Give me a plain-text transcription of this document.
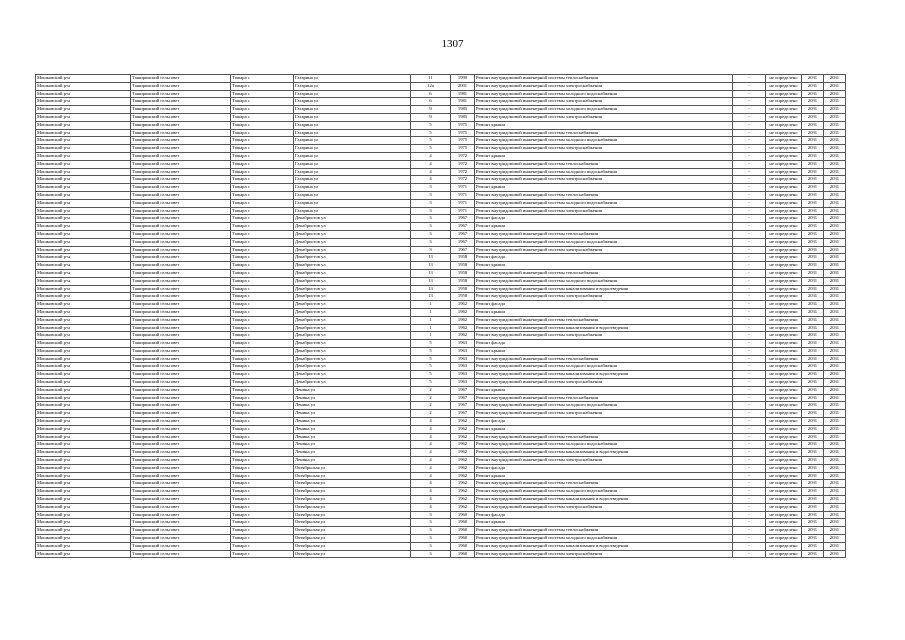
1307
Мошковский р-н	Таширинский сельсовет	Ташара с	Гагарина ул	11	1990	Ремонт внутридомовой инженерной системы теплоснабжения	-	не определено	2031	2031
Мошковский р-н	Таширинский сельсовет	Ташара с	Гагарина ул	12а	2001	Ремонт внутридомовой инженерной системы электроснабжения	-	не определено	2031	2031
Мошковский р-н	Таширинский сельсовет	Ташара с	Гагарина ул	6	1981	Ремонт внутридомовой инженерной системы холодного водоснабжения	-	не определено	2031	2031
Мошковский р-н	Таширинский сельсовет	Ташара с	Гагарина ул	6	1981	Ремонт внутридомовой инженерной системы электроснабжения	-	не определено	2031	2031
Мошковский р-н	Таширинский сельсовет	Ташара с	Гагарина ул	9	1985	Ремонт внутридомовой инженерной системы холодного водоснабжения	-	не определено	2031	2031
Мошковский р-н	Таширинский сельсовет	Ташара с	Гагарина ул	9	1985	Ремонт внутридомовой инженерной системы электроснабжения	-	не определено	2031	2031
Мошковский р-н	Таширинский сельсовет	Ташара с	Гагарина ул	5	1975	Ремонт крыши	-	не определено	2031	2031
Мошковский р-н	Таширинский сельсовет	Ташара с	Гагарина ул	5	1975	Ремонт внутридомовой инженерной системы теплоснабжения	-	не определено	2031	2031
Мошковский р-н	Таширинский сельсовет	Ташара с	Гагарина ул	5	1975	Ремонт внутридомовой инженерной системы холодного водоснабжения	-	не определено	2031	2031
Мошковский р-н	Таширинский сельсовет	Ташара с	Гагарина ул	5	1975	Ремонт внутридомовой инженерной системы электроснабжения	-	не определено	2031	2031
Мошковский р-н	Таширинский сельсовет	Ташара с	Гагарина ул	4	1972	Ремонт крыши	-	не определено	2031	2031
Мошковский р-н	Таширинский сельсовет	Ташара с	Гагарина ул	4	1972	Ремонт внутридомовой инженерной системы теплоснабжения	-	не определено	2031	2031
Мошковский р-н	Таширинский сельсовет	Ташара с	Гагарина ул	4	1972	Ремонт внутридомовой инженерной системы холодного водоснабжения	-	не определено	2031	2031
Мошковский р-н	Таширинский сельсовет	Ташара с	Гагарина ул	4	1972	Ремонт внутридомовой инженерной системы электроснабжения	-	не определено	2031	2031
Мошковский р-н	Таширинский сельсовет	Ташара с	Гагарина ул	3	1971	Ремонт крыши	-	не определено	2031	2031
Мошковский р-н	Таширинский сельсовет	Ташара с	Гагарина ул	3	1971	Ремонт внутридомовой инженерной системы теплоснабжения	-	не определено	2031	2031
Мошковский р-н	Таширинский сельсовет	Ташара с	Гагарина ул	3	1971	Ремонт внутридомовой инженерной системы холодного водоснабжения	-	не определено	2031	2031
Мошковский р-н	Таширинский сельсовет	Ташара с	Гагарина ул	3	1971	Ремонт внутридомовой инженерной системы электроснабжения	-	не определено	2031	2031
Мошковский р-н	Таширинский сельсовет	Ташара с	Декабристов ул	3	1967	Ремонт фасада	-	не определено	2031	2031
Мошковский р-н	Таширинский сельсовет	Ташара с	Декабристов ул	3	1967	Ремонт крыши	-	не определено	2031	2031
Мошковский р-н	Таширинский сельсовет	Ташара с	Декабристов ул	3	1967	Ремонт внутридомовой инженерной системы теплоснабжения	-	не определено	2031	2031
Мошковский р-н	Таширинский сельсовет	Ташара с	Декабристов ул	3	1967	Ремонт внутридомовой инженерной системы холодного водоснабжения	-	не определено	2031	2031
Мошковский р-н	Таширинский сельсовет	Ташара с	Декабристов ул	3	1967	Ремонт внутридомовой инженерной системы электроснабжения	-	не определено	2031	2031
Мошковский р-н	Таширинский сельсовет	Ташара с	Декабристов ул	13	1958	Ремонт фасада	-	не определено	2031	2031
Мошковский р-н	Таширинский сельсовет	Ташара с	Декабристов ул	13	1958	Ремонт крыши	-	не определено	2031	2031
Мошковский р-н	Таширинский сельсовет	Ташара с	Декабристов ул	13	1958	Ремонт внутридомовой инженерной системы теплоснабжения	-	не определено	2031	2031
Мошковский р-н	Таширинский сельсовет	Ташара с	Декабристов ул	13	1958	Ремонт внутридомовой инженерной системы холодного водоснабжения	-	не определено	2031	2031
Мошковский р-н	Таширинский сельсовет	Ташара с	Декабристов ул	13	1958	Ремонт внутридомовой инженерной системы канализования и водоотведения	-	не определено	2031	2031
Мошковский р-н	Таширинский сельсовет	Ташара с	Декабристов ул	13	1958	Ремонт внутридомовой инженерной системы электроснабжения	-	не определено	2031	2031
Мошковский р-н	Таширинский сельсовет	Ташара с	Декабристов ул	1	1962	Ремонт фасада	-	не определено	2031	2031
Мошковский р-н	Таширинский сельсовет	Ташара с	Декабристов ул	1	1962	Ремонт крыши	-	не определено	2031	2031
Мошковский р-н	Таширинский сельсовет	Ташара с	Декабристов ул	1	1962	Ремонт внутридомовой инженерной системы теплоснабжения	-	не определено	2031	2031
Мошковский р-н	Таширинский сельсовет	Ташара с	Декабристов ул	1	1962	Ремонт внутридомовой инженерной системы канализования и водоотведения	-	не определено	2031	2031
Мошковский р-н	Таширинский сельсовет	Ташара с	Декабристов ул	1	1962	Ремонт внутридомовой инженерной системы электроснабжения	-	не определено	2031	2031
Мошковский р-н	Таширинский сельсовет	Ташара с	Декабристов ул	5	1963	Ремонт фасада	-	не определено	2031	2031
Мошковский р-н	Таширинский сельсовет	Ташара с	Декабристов ул	5	1963	Ремонт крыши	-	не определено	2031	2031
Мошковский р-н	Таширинский сельсовет	Ташара с	Декабристов ул	5	1963	Ремонт внутридомовой инженерной системы теплоснабжения	-	не определено	2031	2031
Мошковский р-н	Таширинский сельсовет	Ташара с	Декабристов ул	5	1963	Ремонт внутридомовой инженерной системы холодного водоснабжения	-	не определено	2031	2031
Мошковский р-н	Таширинский сельсовет	Ташара с	Декабристов ул	5	1963	Ремонт внутридомовой инженерной системы канализования и водоотведения	-	не определено	2031	2031
Мошковский р-н	Таширинский сельсовет	Ташара с	Декабристов ул	5	1963	Ремонт внутридомовой инженерной системы электроснабжения	-	не определено	2031	2031
Мошковский р-н	Таширинский сельсовет	Ташара с	Ленина ул	2	1967	Ремонт крыши	-	не определено	2031	2031
Мошковский р-н	Таширинский сельсовет	Ташара с	Ленина ул	2	1967	Ремонт внутридомовой инженерной системы теплоснабжения	-	не определено	2031	2031
Мошковский р-н	Таширинский сельсовет	Ташара с	Ленина ул	2	1967	Ремонт внутридомовой инженерной системы холодного водоснабжения	-	не определено	2031	2031
Мошковский р-н	Таширинский сельсовет	Ташара с	Ленина ул	2	1967	Ремонт внутридомовой инженерной системы электроснабжения	-	не определено	2031	2031
Мошковский р-н	Таширинский сельсовет	Ташара с	Ленина ул	4	1962	Ремонт фасада	-	не определено	2031	2031
Мошковский р-н	Таширинский сельсовет	Ташара с	Ленина ул	4	1962	Ремонт крыши	-	не определено	2031	2031
Мошковский р-н	Таширинский сельсовет	Ташара с	Ленина ул	4	1962	Ремонт внутридомовой инженерной системы теплоснабжения	-	не определено	2031	2031
Мошковский р-н	Таширинский сельсовет	Ташара с	Ленина ул	4	1962	Ремонт внутридомовой инженерной системы холодного водоснабжения	-	не определено	2031	2031
Мошковский р-н	Таширинский сельсовет	Ташара с	Ленина ул	4	1962	Ремонт внутридомовой инженерной системы канализования и водоотведения	-	не определено	2031	2031
Мошковский р-н	Таширинский сельсовет	Ташара с	Ленина ул	4	1962	Ремонт внутридомовой инженерной системы электроснабжения	-	не определено	2031	2031
Мошковский р-н	Таширинский сельсовет	Ташара с	Октябрьская ул	4	1962	Ремонт фасада	-	не определено	2031	2031
Мошковский р-н	Таширинский сельсовет	Ташара с	Октябрьская ул	4	1962	Ремонт крыши	-	не определено	2031	2031
Мошковский р-н	Таширинский сельсовет	Ташара с	Октябрьская ул	4	1962	Ремонт внутридомовой инженерной системы теплоснабжения	-	не определено	2031	2031
Мошковский р-н	Таширинский сельсовет	Ташара с	Октябрьская ул	4	1962	Ремонт внутридомовой инженерной системы холодного водоснабжения	-	не определено	2031	2031
Мошковский р-н	Таширинский сельсовет	Ташара с	Октябрьская ул	4	1962	Ремонт внутридомовой инженерной системы канализования и водоотведения	-	не определено	2031	2031
Мошковский р-н	Таширинский сельсовет	Ташара с	Октябрьская ул	4	1962	Ремонт внутридомовой инженерной системы электроснабжения	-	не определено	2031	2031
Мошковский р-н	Таширинский сельсовет	Ташара с	Октябрьская ул	3	1960	Ремонт фасада	-	не определено	2031	2031
Мошковский р-н	Таширинский сельсовет	Ташара с	Октябрьская ул	3	1960	Ремонт крыши	-	не определено	2031	2031
Мошковский р-н	Таширинский сельсовет	Ташара с	Октябрьская ул	3	1960	Ремонт внутридомовой инженерной системы теплоснабжения	-	не определено	2031	2031
Мошковский р-н	Таширинский сельсовет	Ташара с	Октябрьская ул	3	1960	Ремонт внутридомовой инженерной системы холодного водоснабжения	-	не определено	2031	2031
Мошковский р-н	Таширинский сельсовет	Ташара с	Октябрьская ул	3	1960	Ремонт внутридомовой инженерной системы канализования и водоотведения	-	не определено	2031	2031
Мошковский р-н	Таширинский сельсовет	Ташара с	Октябрьская ул	3	1960	Ремонт внутридомовой инженерной системы электроснабжения	-	не определено	2031	2031
